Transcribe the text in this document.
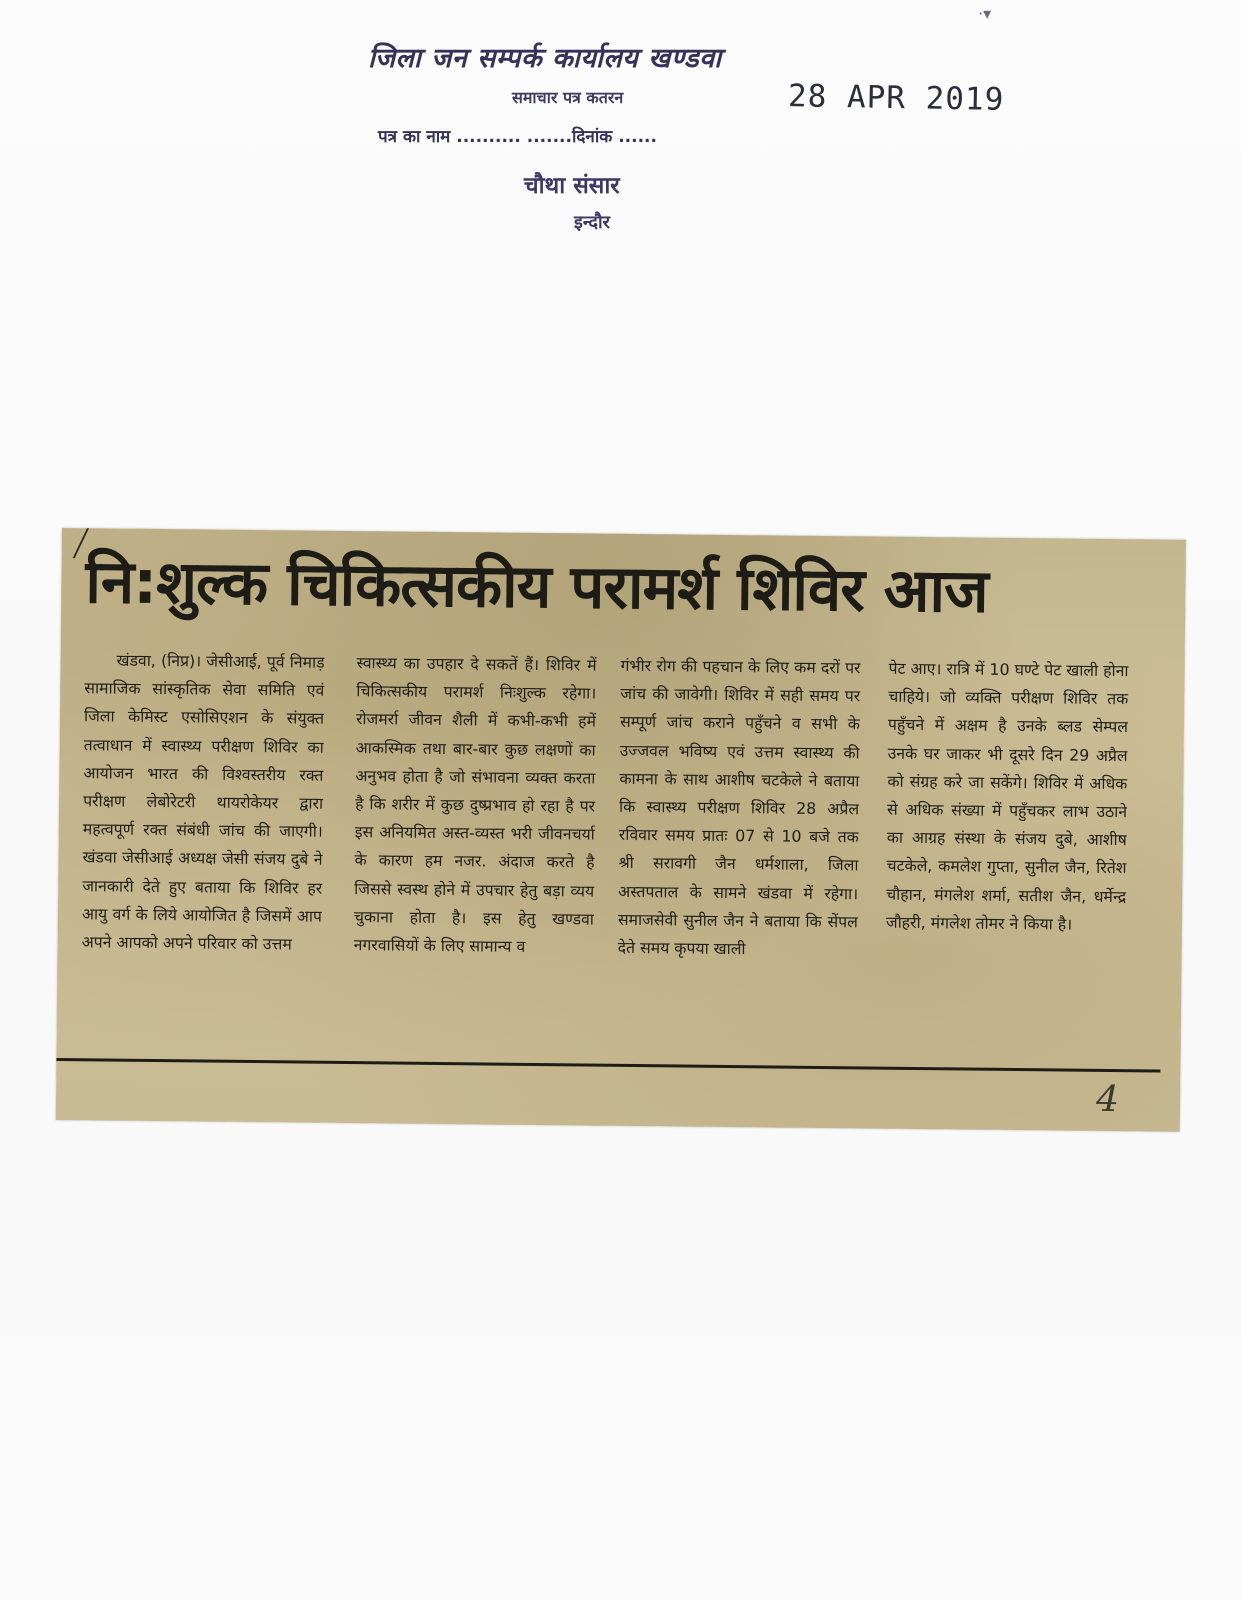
·▾
जिला जन सम्पर्क कार्यालय खण्डवा
समाचार पत्र कतरन	28 APR 2019
पत्र का नाम .......... .......दिनांक ......
चौथा संसार
इन्दौर
नि:शुल्क चिकित्सकीय परामर्श शिविर आज
खंडवा, (निप्र)। जेसीआई, पूर्व निमाड़ सामाजिक सांस्कृतिक सेवा समिति एवं जिला केमिस्ट एसोसिएशन के संयुक्त तत्वाधान में स्वास्थ्य परीक्षण शिविर का आयोजन भारत की विश्वस्तरीय रक्त परीक्षण लेबोरेटरी थायरोकेयर द्वारा महत्वपूर्ण रक्त संबंधी जांच की जाएगी। खंडवा जेसीआई अध्यक्ष जेसी संजय दुबे ने जानकारी देते हुए बताया कि शिविर हर आयु वर्ग के लिये आयोजित है जिसमें आप अपने आपको अपने परिवार को उत्तम
स्वास्थ्य का उपहार दे सकतें हैं। शिविर में चिकित्सकीय परामर्श निःशुल्क रहेगा। रोजमर्रा जीवन शैली में कभी-कभी हमें आकस्मिक तथा बार-बार कुछ लक्षणों का अनुभव होता है जो संभावना व्यक्त करता है कि शरीर में कुछ दुष्प्रभाव हो रहा है पर इस अनियमित अस्त-व्यस्त भरी जीवनचर्या के कारण हम नजर. अंदाज करते है जिससे स्वस्थ होने में उपचार हेतु बड़ा व्यय चुकाना होता है। इस हेतु खण्डवा नगरवासियों के लिए सामान्य व
गंभीर रोग की पहचान के लिए कम दरों पर जांच की जावेगी। शिविर में सही समय पर सम्पूर्ण जांच कराने पहुँचने व सभी के उज्जवल भविष्य एवं उत्तम स्वास्थ्य की कामना के साथ आशीष चटकेले ने बताया कि स्वास्थ्य परीक्षण शिविर 28 अप्रैल रविवार समय प्रातः 07 से 10 बजे तक श्री सरावगी जैन धर्मशाला, जिला अस्तपताल के सामने खंडवा में रहेगा। समाजसेवी सुनील जैन ने बताया कि सेंपल देते समय कृपया खाली
पेट आए। रात्रि में 10 घण्टे पेट खाली होना चाहिये। जो व्यक्ति परीक्षण शिविर तक पहुँचने में अक्षम है उनके ब्लड सेम्पल उनके घर जाकर भी दूसरे दिन 29 अप्रैल को संग्रह करे जा सकेंगे। शिविर में अधिक से अधिक संख्या में पहुँचकर लाभ उठाने का आग्रह संस्था के संजय दुबे, आशीष चटकेले, कमलेश गुप्ता, सुनील जैन, रितेश चौहान, मंगलेश शर्मा, सतीश जैन, धर्मेन्द्र जौहरी, मंगलेश तोमर ने किया है।
4
